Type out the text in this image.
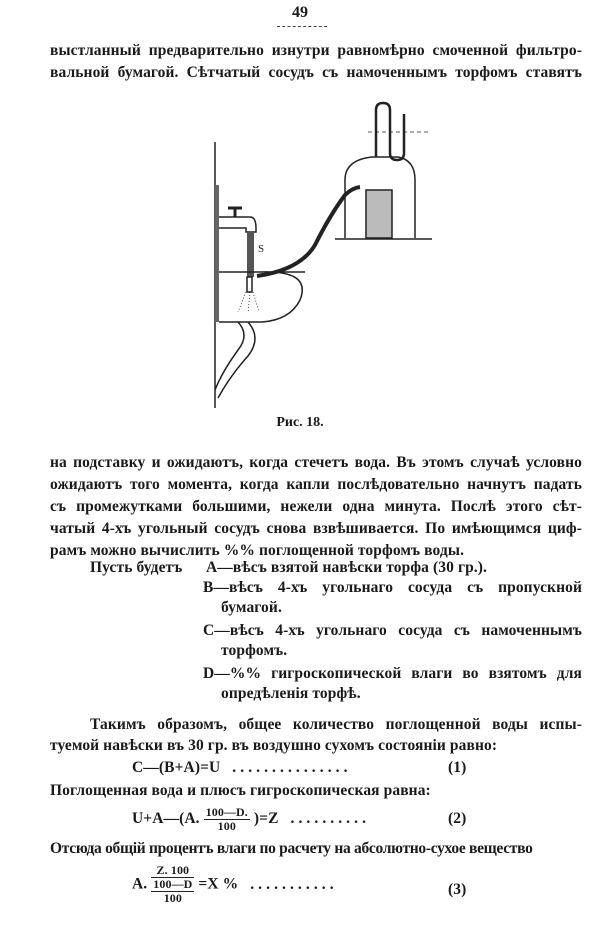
49
выстланный предварительно изнутри равномѣрно смоченной фильтро-
вальной бумагой. Сѣтчатый сосудъ съ намоченнымъ торфомъ ставятъ
S
Рис. 18.
на подставку и ожидаютъ, когда стечетъ вода. Въ этомъ случаѣ условно
ожидаютъ того момента, когда капли послѣдовательно начнутъ падать
съ промежутками большими, нежели одна минута. Послѣ этого сѣт-
чатый 4-хъ угольный сосудъ снова взвѣшивается. По имѣющимся циф-
рамъ можно вычислить %% поглощенной торфомъ воды.
Пусть будетъ A—вѣсъ взятой навѣски торфа (30 гр.).
B—вѣсъ 4-хъ угольнаго сосуда съ пропускной
бумагой.
C—вѣсъ 4-хъ угольнаго сосуда съ намоченнымъ
торфомъ.
D—%% гигроскопической влаги во взятомъ для
опредѣленія торфѣ.
Такимъ образомъ, общее количество поглощенной воды испы-
туемой навѣски въ 30 гр. въ воздушно сухомъ состояніи равно:
C—(B+A)=U . . . . . . . . . . . . . . .	(1)
Поглощенная вода и плюсъ гигроскопическая равна:
U+A—(A. $\frac{100—D.}{100} )=Z$ . . . . . . . . . .	(2)
Отсюда общій процентъ влаги по расчету на абсолютно-сухое вещество
A.
Z. 100
100—D
100
=X % . . . . . . . . . . .	(3)
